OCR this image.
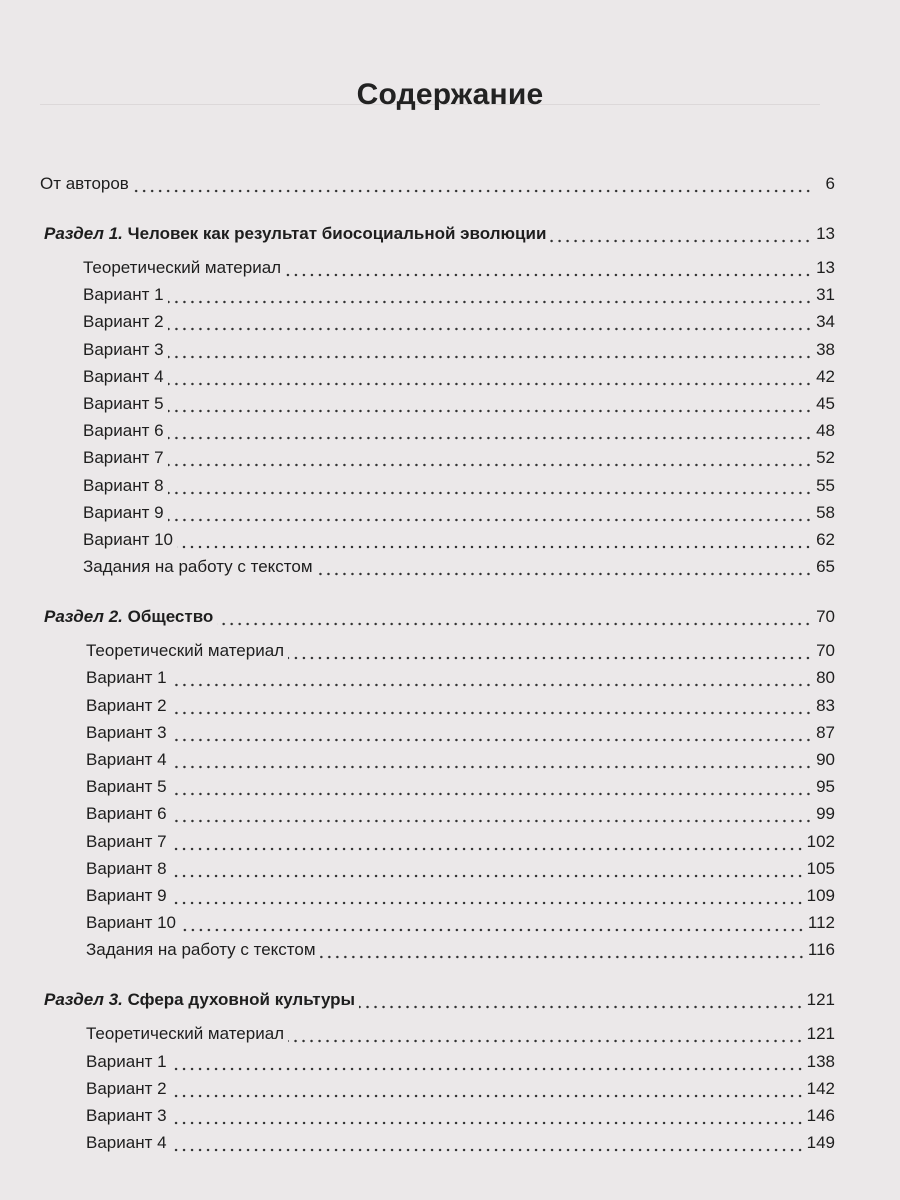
Содержание
От авторов	6
Раздел 1. Человек как результат биосоциальной эволюции	13
Теоретический материал	13
Вариант 1	31
Вариант 2	34
Вариант 3	38
Вариант 4	42
Вариант 5	45
Вариант 6	48
Вариант 7	52
Вариант 8	55
Вариант 9	58
Вариант 10	62
Задания на работу с текстом	65
Раздел 2. Общество	70
Теоретический материал	70
Вариант 1	80
Вариант 2	83
Вариант 3	87
Вариант 4	90
Вариант 5	95
Вариант 6	99
Вариант 7	102
Вариант 8	105
Вариант 9	109
Вариант 10	112
Задания на работу с текстом	116
Раздел 3. Сфера духовной культуры	121
Теоретический материал	121
Вариант 1	138
Вариант 2	142
Вариант 3	146
Вариант 4	149
